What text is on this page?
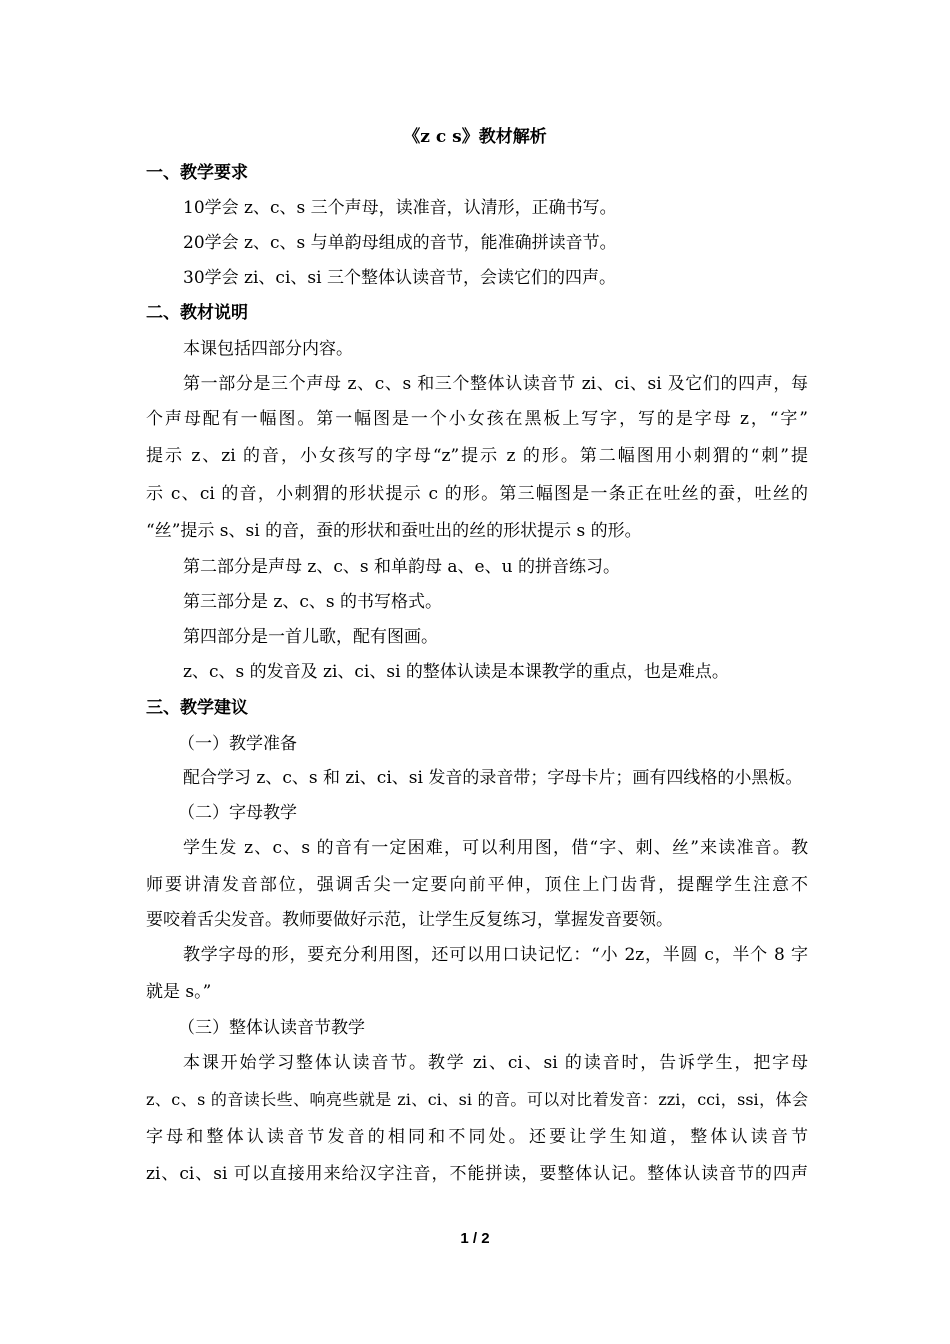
《z c s》教材解析
一、教学要求
10学会 z、c、s 三个声母，读准音，认清形，正确书写。
20学会 z、c、s 与单韵母组成的音节，能准确拼读音节。
30学会 zi、ci、si 三个整体认读音节，会读它们的四声。
二、教材说明
本课包括四部分内容。
第一部分是三个声母 z、c、s 和三个整体认读音节 zi、ci、si 及它们的四声，每
个声母配有一幅图。第一幅图是一个小女孩在黑板上写字，写的是字母 z，“字”
提示 z、zi 的音，小女孩写的字母“z”提示 z 的形。第二幅图用小刺猬的“刺”提
示 c、ci 的音，小刺猬的形状提示 c 的形。第三幅图是一条正在吐丝的蚕，吐丝的
“丝”提示 s、si 的音，蚕的形状和蚕吐出的丝的形状提示 s 的形。
第二部分是声母 z、c、s 和单韵母 a、e、u 的拼音练习。
第三部分是 z、c、s 的书写格式。
第四部分是一首儿歌，配有图画。
z、c、s 的发音及 zi、ci、si 的整体认读是本课教学的重点，也是难点。
三、教学建议
（一）教学准备
配合学习 z、c、s 和 zi、ci、si 发音的录音带；字母卡片；画有四线格的小黑板。
（二）字母教学
学生发 z、c、s 的音有一定困难，可以利用图，借“字、刺、丝”来读准音。教
师要讲清发音部位，强调舌尖一定要向前平伸，顶住上门齿背，提醒学生注意不
要咬着舌尖发音。教师要做好示范，让学生反复练习，掌握发音要领。
教学字母的形，要充分利用图，还可以用口诀记忆：“小 2z，半圆 c，半个 8 字
就是 s。”
（三）整体认读音节教学
本课开始学习整体认读音节。教学 zi、ci、si 的读音时，告诉学生，把字母
z、c、s 的音读长些、响亮些就是 zi、ci、si 的音。可以对比着发音：zzi，cci，ssi，体会
字母和整体认读音节发音的相同和不同处。还要让学生知道，整体认读音节
zi、ci、si 可以直接用来给汉字注音，不能拼读，要整体认记。整体认读音节的四声
1 / 2
